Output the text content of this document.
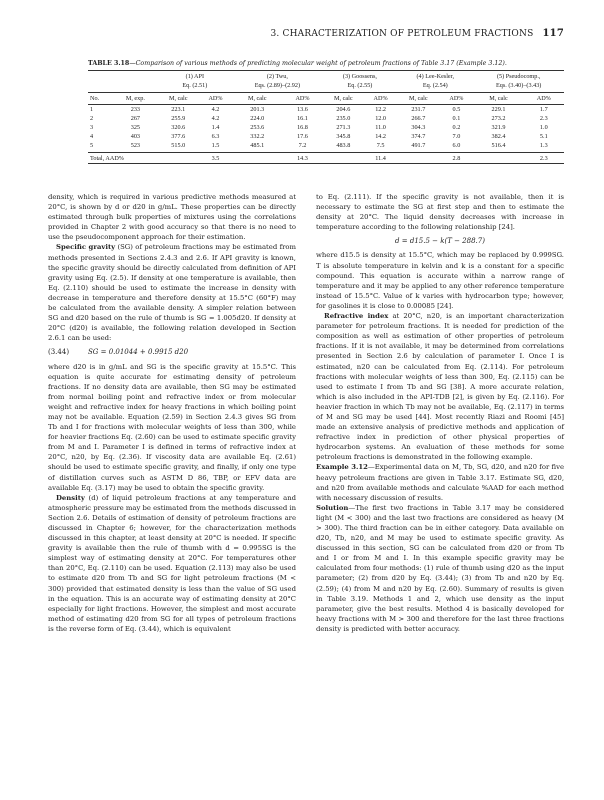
3. CHARACTERIZATION OF PETROLEUM FRACTIONS 117
TABLE 3.18—Comparison of various methods of predicting molecular weight of petroleum fractions of Table 3.17 (Example 3.12).
		(1) API		(2) Twu,		(3) Goossens,		(4) Lee-Kesler,		(5) Pseudocomp.,	
		Eq. (2.51)		Eqs. (2.89)–(2.92)		Eq. (2.55)		Eq. (2.54)		Eqs. (3.40)–(3.43)	
No.	M, exp.	M, calc	AD%	M, calc	AD%	M, calc	AD%	M, calc	AD%	M, calc	AD%
1	233	223.1	4.2	201.3	13.6	204.6	12.2	231.7	0.5	229.1	1.7
2	267	255.9	4.2	224.0	16.1	235.0	12.0	266.7	0.1	273.2	2.3
3	325	320.6	1.4	253.6	16.8	271.3	11.0	304.3	0.2	321.9	1.0
4	403	377.6	6.3	332.2	17.6	345.8	14.2	374.7	7.0	382.4	5.1
5	523	515.0	1.5	485.1	7.2	483.8	7.5	491.7	6.0	516.4	1.3
Total, AAD%			3.5		14.3		11.4		2.8		2.3

density, which is required in various predictive methods measured at 20°C, is shown by d or d20 in g/mL. These properties can be directly estimated through bulk properties of mixtures using the correlations provided in Chapter 2 with good accuracy so that there is no need to use the pseudocomponent approach for their estimation.

Specific gravity (SG) of petroleum fractions may be estimated from methods presented in Sections 2.4.3 and 2.6. If API gravity is known, the specific gravity should be directly calculated from definition of API gravity using Eq. (2.5). If density at one temperature is available, then Eq. (2.110) should be used to estimate the increase in density with decrease in temperature and therefore density at 15.5°C (60°F) may be calculated from the available density. A simpler relation between SG and d20 based on the rule of thumb is SG = 1.005d20. If density at 20°C (d20) is available, the following relation developed in Section 2.6.1 can be used:

(3.44)	SG = 0.01044 + 0.9915 d20

where d20 is in g/mL and SG is the specific gravity at 15.5°C. This equation is quite accurate for estimating density of petroleum fractions. If no density data are available, then SG may be estimated from normal boiling point and refractive index or from molecular weight and refractive index for heavy fractions in which boiling point may not be available. Equation (2.59) in Section 2.4.3 gives SG from Tb and I for fractions with molecular weights of less than 300, while for heavier fractions Eq. (2.60) can be used to estimate specific gravity from M and I. Parameter I is defined in terms of refractive index at 20°C, n20, by Eq. (2.36). If viscosity data are available Eq. (2.61) should be used to estimate specific gravity, and finally, if only one type of distillation curves such as ASTM D 86, TBP, or EFV data are available Eq. (3.17) may be used to obtain the specific gravity.

Density (d) of liquid petroleum fractions at any temperature and atmospheric pressure may be estimated from the methods discussed in Section 2.6. Details of estimation of density of petroleum fractions are discussed in Chapter 6; however, for the characterization methods discussed in this chapter, at least density at 20°C is needed. If specific gravity is available then the rule of thumb with d = 0.995SG is the simplest way of estimating density at 20°C. For temperatures other than 20°C, Eq. (2.110) can be used. Equation (2.113) may also be used to estimate d20 from Tb and SG for light petroleum fractions (M < 300) provided that estimated density is less than the value of SG used in the equation. This is an accurate way of estimating density at 20°C especially for light fractions. However, the simplest and most accurate method of estimating d20 from SG for all types of petroleum fractions is the reverse form of Eq. (3.44), which is equivalent

to Eq. (2.111). If the specific gravity is not available, then it is necessary to estimate the SG at first step and then to estimate the density at 20°C. The liquid density decreases with increase in temperature according to the following relationship [24].

d = d15.5 − k(T − 288.7)

where d15.5 is density at 15.5°C, which may be replaced by 0.999SG. T is absolute temperature in kelvin and k is a constant for a specific compound. This equation is accurate within a narrow range of temperature and it may be applied to any other reference temperature instead of 15.5°C. Value of k varies with hydrocarbon type; however, for gasolines it is close to 0.00085 [24].

Refractive index at 20°C, n20, is an important characterization parameter for petroleum fractions. It is needed for prediction of the composition as well as estimation of other properties of petroleum fractions. If it is not available, it may be determined from correlations presented in Section 2.6 by calculation of parameter I. Once I is estimated, n20 can be calculated from Eq. (2.114). For petroleum fractions with molecular weights of less than 300, Eq. (2.115) can be used to estimate I from Tb and SG [38]. A more accurate relation, which is also included in the API-TDB [2], is given by Eq. (2.116). For heavier fraction in which Tb may not be available, Eq. (2.117) in terms of M and SG may be used [44]. Most recently Riazi and Roomi [45] made an extensive analysis of predictive methods and application of refractive index in prediction of other physical properties of hydrocarbon systems. An evaluation of these methods for some petroleum fractions is demonstrated in the following example.

Example 3.12—Experimental data on M, Tb, SG, d20, and n20 for five heavy petroleum fractions are given in Table 3.17. Estimate SG, d20, and n20 from available methods and calculate %AAD for each method with necessary discussion of results.

Solution—The first two fractions in Table 3.17 may be considered light (M < 300) and the last two fractions are considered as heavy (M > 300). The third fraction can be in either category. Data available on d20, Tb, n20, and M may be used to estimate specific gravity. As discussed in this section, SG can be calculated from d20 or from Tb and I or from M and I. In this example specific gravity may be calculated from four methods: (1) rule of thumb using d20 as the input parameter; (2) from d20 by Eq. (3.44); (3) from Tb and n20 by Eq. (2.59); (4) from M and n20 by Eq. (2.60). Summary of results is given in Table 3.19. Methods 1 and 2, which use density as the input parameter, give the best results. Method 4 is basically developed for heavy fractions with M > 300 and therefore for the last three fractions density is predicted with better accuracy.
